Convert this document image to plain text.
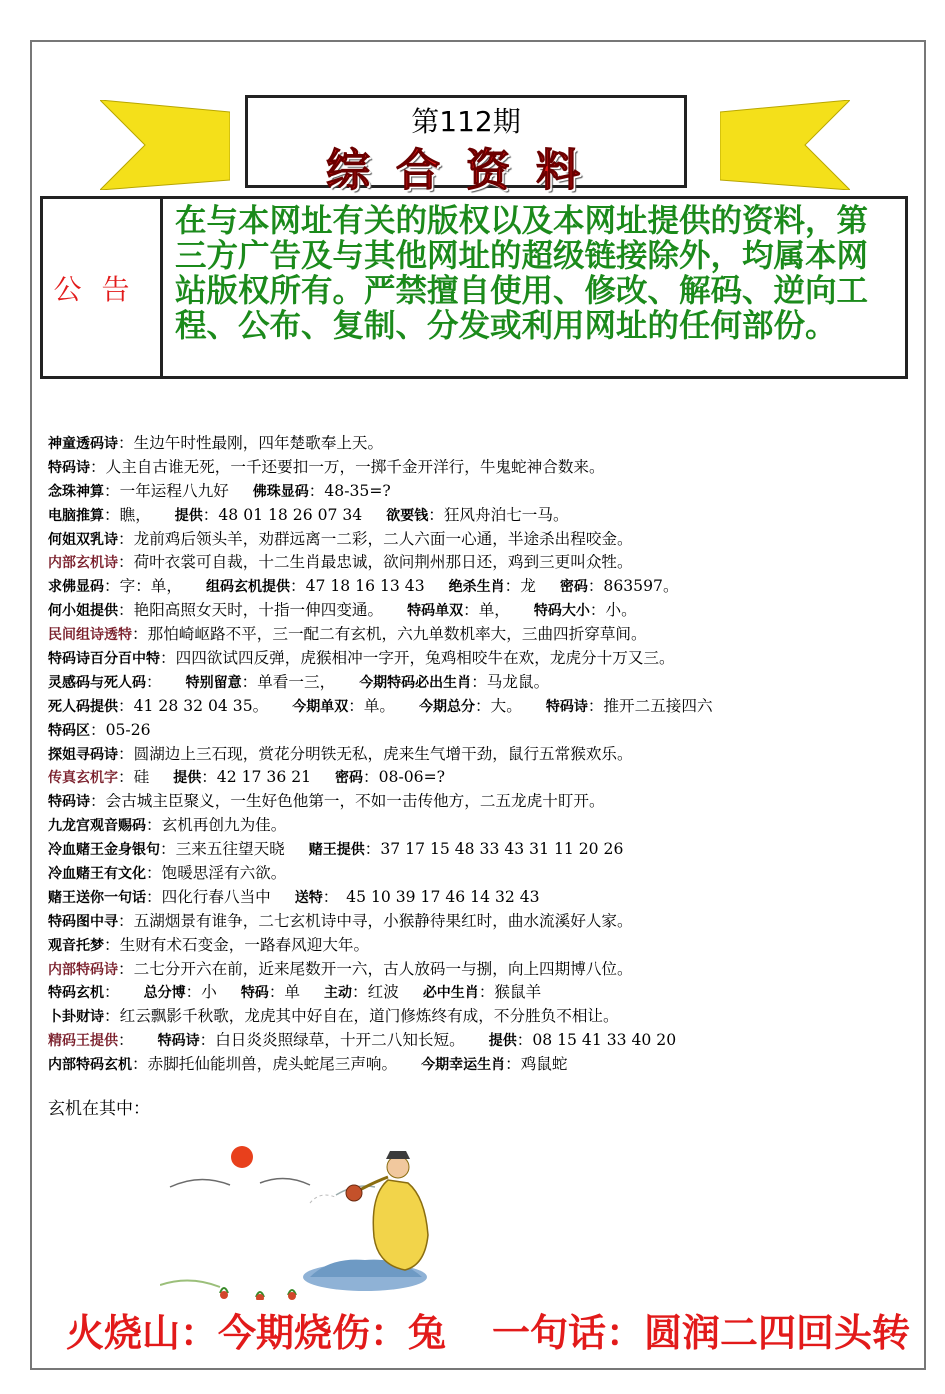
第112期
综合资料
公告
在与本网址有关的版权以及本网址提供的资料，第三方广告及与其他网址的超级链接除外，均属本网站版权所有。严禁擅自使用、修改、解码、逆向工程、公布、复制、分发或利用网址的任何部份。
神童透码诗：生边午时性最刚，四年楚歌奉上天。
特码诗：人主自古谁无死，一千还要扣一万，一掷千金开洋行，牛鬼蛇神合数来。
念珠神算：一年运程八九好 佛珠显码：48-35=?
电脑推算：瞧， 提供：48 01 18 26 07 34 欲要钱：狂风舟泊七一马。
何姐双乳诗：龙前鸡后领头羊，劝群远离一二彩，二人六面一心通，半途杀出程咬金。
内部玄机诗：荷叶衣裳可自裁，十二生肖最忠诚，欲问荆州那日还，鸡到三更叫众牲。
求佛显码：字：单， 组码玄机提供：47 18 16 13 43 绝杀生肖：龙 密码：863597。
何小姐提供：艳阳高照女天时，十指一伸四变通。 特码单双：单， 特码大小：小。
民间组诗透特：那怕崎岖路不平，三一配二有玄机，六九单数机率大，三曲四折穿草间。
特码诗百分百中特：四四欲试四反弹，虎猴相冲一字开，兔鸡相咬牛在欢，龙虎分十万又三。
灵感码与死人码： 特别留意：单看一三， 今期特码必出生肖：马龙鼠。
死人码提供：41 28 32 04 35。 今期单双：单。 今期总分：大。 特码诗：推开二五接四六
特码区：05-26
探姐寻码诗：圆湖边上三石现，赏花分明铁无私，虎来生气增干劲，鼠行五常猴欢乐。
传真玄机字：硅 提供：42 17 36 21 密码：08-06=?
特码诗：会古城主臣聚义，一生好色他第一，不如一击传他方，二五龙虎十盯开。
九龙宫观音赐码：玄机再创九为佳。
冷血赌王金身银句：三来五往望天晓 赌王提供：37 17 15 48 33 43 31 11 20 26
冷血赌王有文化：饱暖思淫有六欲。
赌王送你一句话：四化行春八当中 送特：　45 10 39 17 46 14 32 43
特码图中寻：五湖烟景有谁争，二七玄机诗中寻，小猴静待果红时，曲水流溪好人家。
观音托梦：生财有术石变金，一路春风迎大年。
内部特码诗：二七分开六在前，近来尾数开一六，古人放码一与捌，向上四期博八位。
特码玄机： 总分博：小 特码：单 主动：红波 必中生肖：猴鼠羊
卜卦财诗：红云飘影千秋歌，龙虎其中好自在，道门修炼终有成，不分胜负不相让。
精码王提供： 特码诗：白日炎炎照绿草，十开二八知长短。 提供：08 15 41 33 40 20
内部特码玄机：赤脚托仙能圳兽，虎头蛇尾三声响。 今期幸运生肖：鸡鼠蛇
玄机在其中：
火烧山：今期烧伤：兔 一句话：圆润二四回头转
